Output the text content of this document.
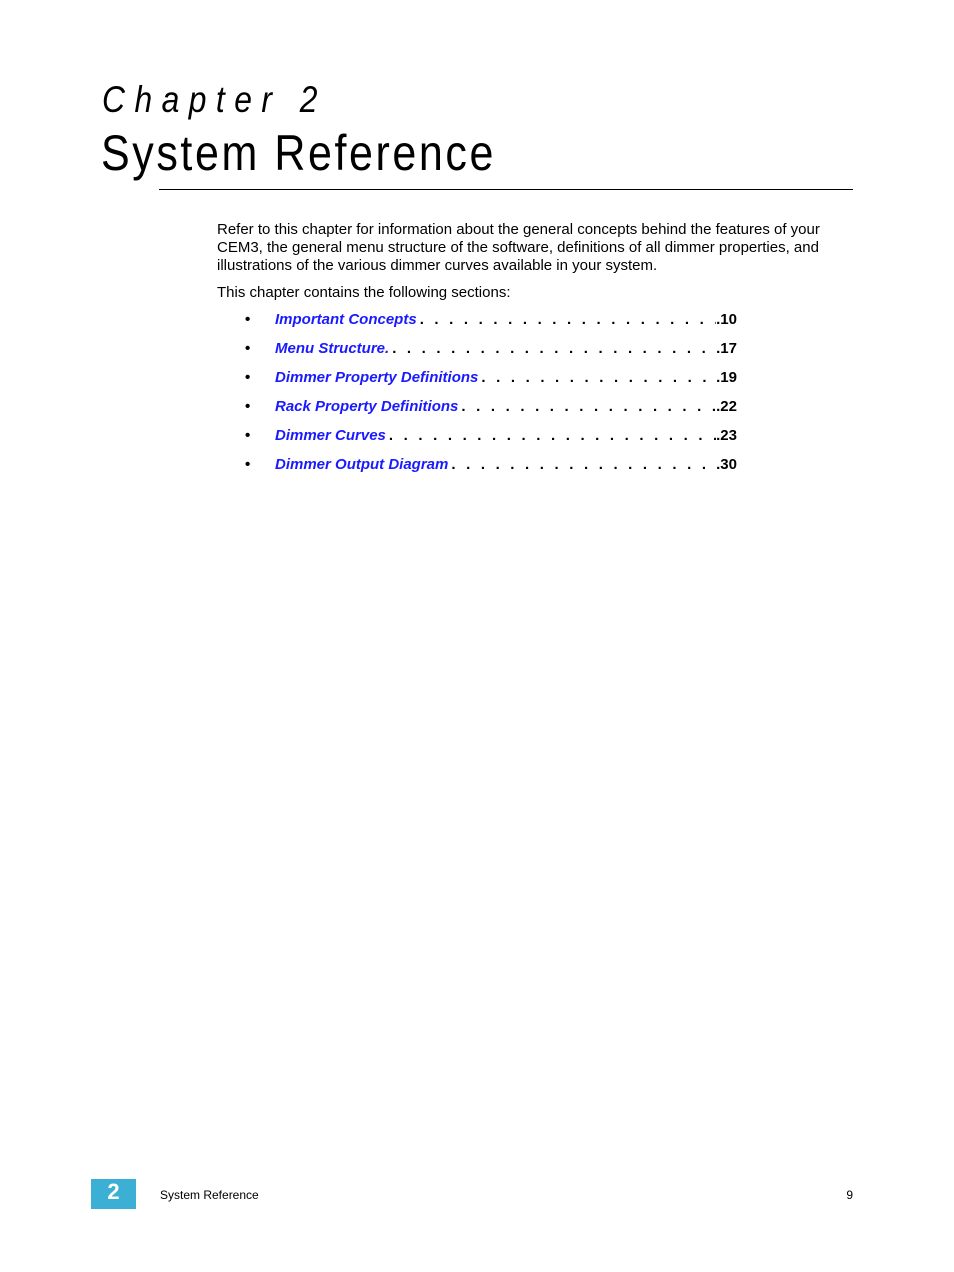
Chapter 2
System Reference

Refer to this chapter for information about the general concepts behind the features of your CEM3, the general menu structure of the software, definitions of all dimmer properties, and illustrations of the various dimmer curves available in your system.

This chapter contains the following sections:

• Important Concepts . . .	.10
• Menu Structure. . . .	.17
• Dimmer Property Definitions . . .	.19
• Rack Property Definitions . . .	.22
• Dimmer Curves . . .	.23
• Dimmer Output Diagram . . .	.30
2	System Reference	9
